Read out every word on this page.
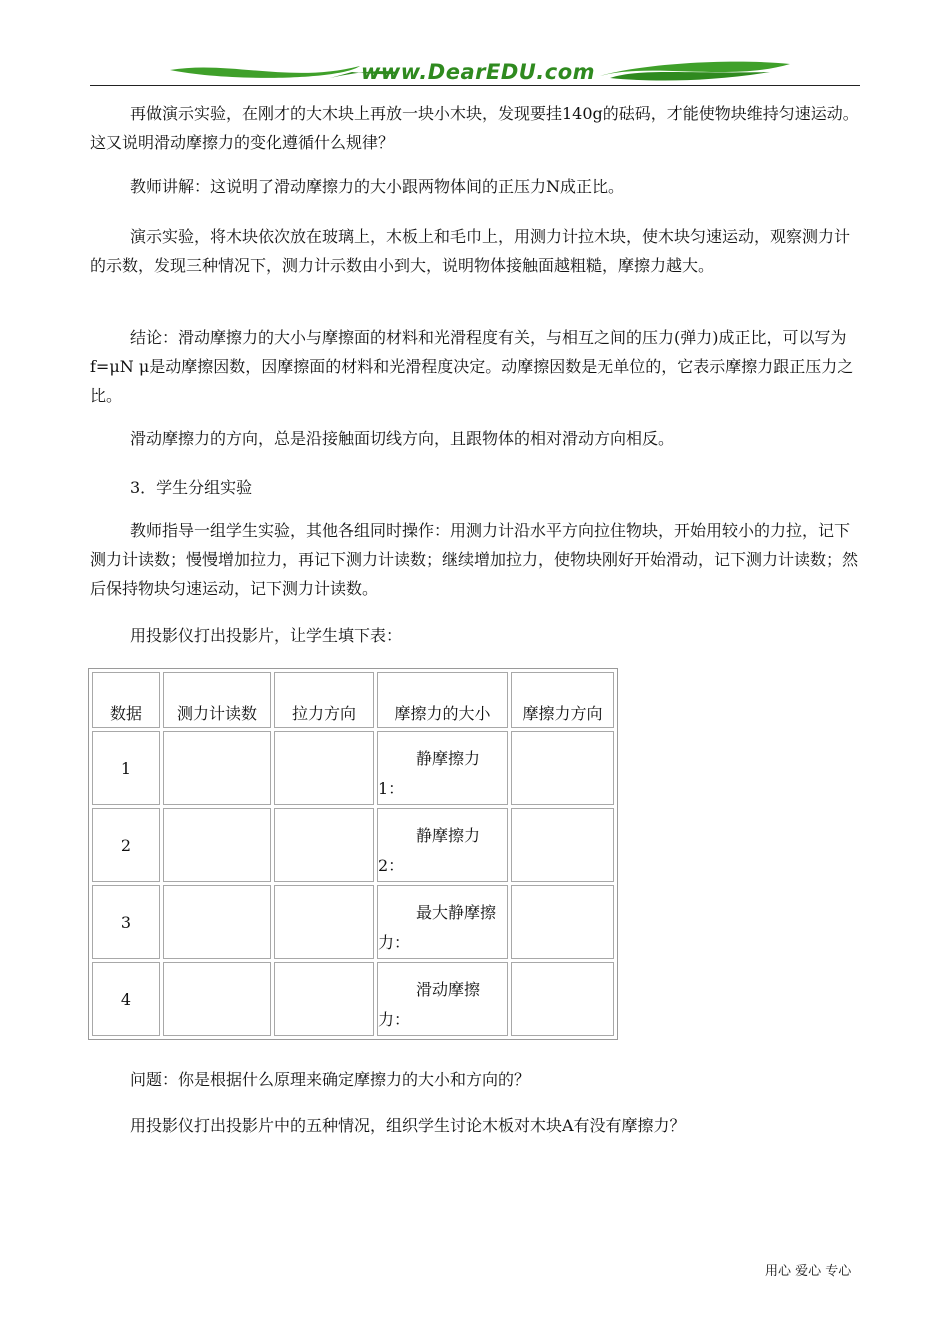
www.DearEDU.com

再做演示实验，在刚才的大木块上再放一块小木块，发现要挂140g的砝码，才能使物块维持匀速运动。这又说明滑动摩擦力的变化遵循什么规律？

教师讲解：这说明了滑动摩擦力的大小跟两物体间的正压力N成正比。

演示实验，将木块依次放在玻璃上，木板上和毛巾上，用测力计拉木块，使木块匀速运动，观察测力计的示数，发现三种情况下，测力计示数由小到大，说明物体接触面越粗糙，摩擦力越大。

结论：滑动摩擦力的大小与摩擦面的材料和光滑程度有关，与相互之间的压力(弹力)成正比，可以写为f=μN μ是动摩擦因数，因摩擦面的材料和光滑程度决定。动摩擦因数是无单位的，它表示摩擦力跟正压力之比。

滑动摩擦力的方向，总是沿接触面切线方向，且跟物体的相对滑动方向相反。

3．学生分组实验

教师指导一组学生实验，其他各组同时操作：用测力计沿水平方向拉住物块，开始用较小的力拉，记下测力计读数；慢慢增加拉力，再记下测力计读数；继续增加拉力，使物块刚好开始滑动，记下测力计读数；然后保持物块匀速运动，记下测力计读数。

用投影仪打出投影片，让学生填下表：

数据	测力计读数	拉力方向	摩擦力的大小	摩擦力方向
1			静摩擦力
1：	

2			静摩擦力
2：	

3			最大静摩擦
力：	

4			滑动摩擦
力：	

问题：你是根据什么原理来确定摩擦力的大小和方向的？

用投影仪打出投影片中的五种情况，组织学生讨论木板对木块A有没有摩擦力？

用心 爱心 专心
